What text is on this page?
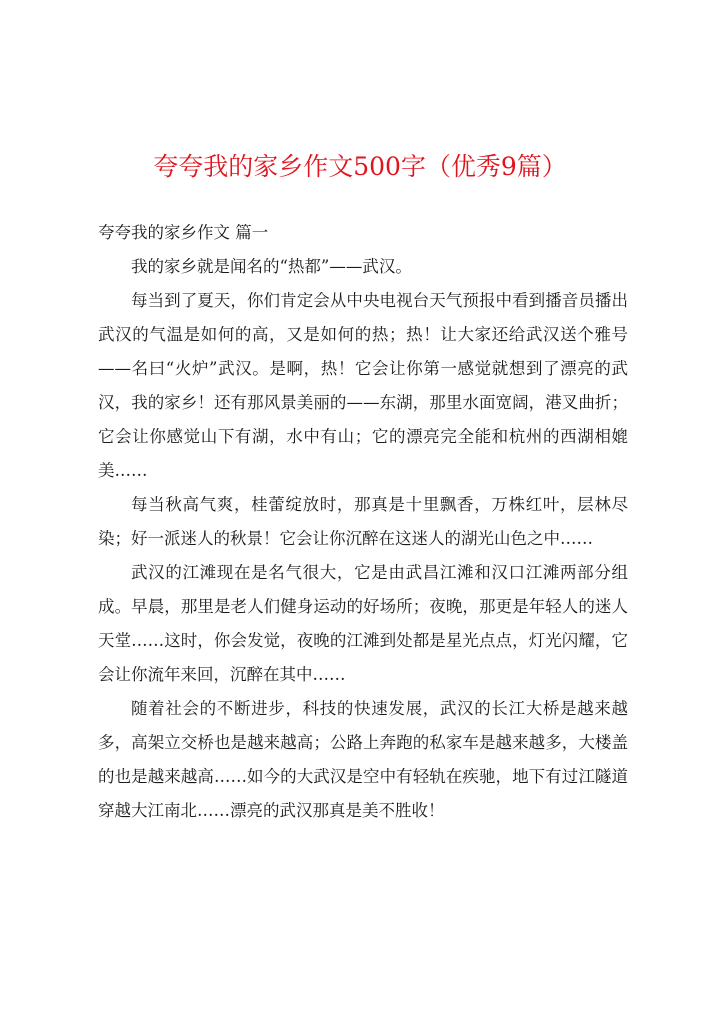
夸夸我的家乡作文500字（优秀9篇）

夸夸我的家乡作文 篇一

我的家乡就是闻名的“热都”——武汉。

每当到了夏天，你们肯定会从中央电视台天气预报中看到播音员播出武汉的气温是如何的高，又是如何的热；热！让大家还给武汉送个雅号——名曰“火炉”武汉。是啊，热！它会让你第一感觉就想到了漂亮的武汉，我的家乡！还有那风景美丽的——东湖，那里水面宽阔，港叉曲折；它会让你感觉山下有湖，水中有山；它的漂亮完全能和杭州的西湖相媲美……

每当秋高气爽，桂蕾绽放时，那真是十里飘香，万株红叶，层林尽染；好一派迷人的秋景！它会让你沉醉在这迷人的湖光山色之中……

武汉的江滩现在是名气很大，它是由武昌江滩和汉口江滩两部分组成。早晨，那里是老人们健身运动的好场所；夜晚，那更是年轻人的迷人天堂……这时，你会发觉，夜晚的江滩到处都是星光点点，灯光闪耀，它会让你流年来回，沉醉在其中……

随着社会的不断进步，科技的快速发展，武汉的长江大桥是越来越多，高架立交桥也是越来越高；公路上奔跑的私家车是越来越多，大楼盖的也是越来越高……如今的大武汉是空中有轻轨在疾驰，地下有过江隧道穿越大江南北……漂亮的武汉那真是美不胜收！
